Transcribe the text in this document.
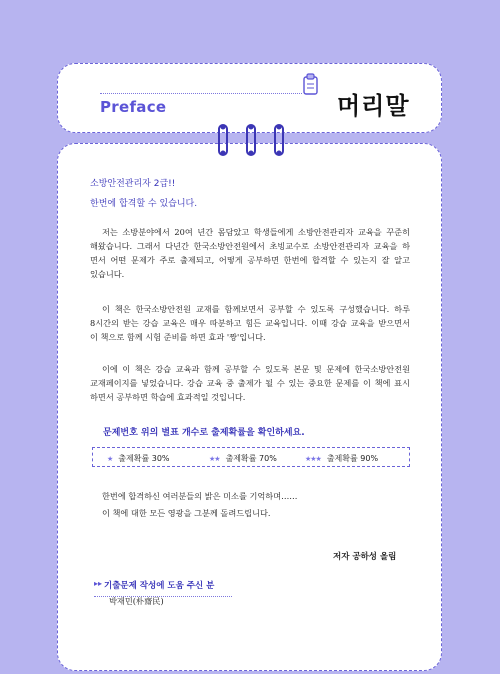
Preface	머리말
소방안전관리자 2급!!
한번에 합격할 수 있습니다.

저는 소방분야에서 20여 년간 몸담았고 학생들에게 소방안전관리자 교육을 꾸준히

해왔습니다. 그래서 다년간 한국소방안전원에서 초빙교수로 소방안전관리자 교육을 하

면서 어떤 문제가 주로 출제되고, 어떻게 공부하면 한번에 합격할 수 있는지 잘 알고

있습니다.

이 책은 한국소방안전원 교재를 함께보면서 공부할 수 있도록 구성했습니다. 하루

8시간의 받는 강습 교육은 매우 따분하고 힘든 교육입니다. 이때 강습 교육을 받으면서

이 책으로 함께 시험 준비를 하면 효과 '짱'입니다.

이에 이 책은 강습 교육과 함께 공부할 수 있도록 본문 및 문제에 한국소방안전원

교재페이지를 넣었습니다. 강습 교육 중 출제가 될 수 있는 중요한 문제를 이 책에 표시

하면서 공부하면 학습에 효과적일 것입니다.

문제번호 위의 별표 개수로 출제확률을 확인하세요.
★ 출제확률 30%	★★ 출제확률 70%	★★★ 출제확률 90%
한번에 합격하신 여러분들의 밝은 미소를 기억하며……
이 책에 대한 모든 영광을 그분께 돌려드립니다.
저자 공하성 올림
▸▸ 기출문제 작성에 도움 주신 분
박재민(朴齋民)
